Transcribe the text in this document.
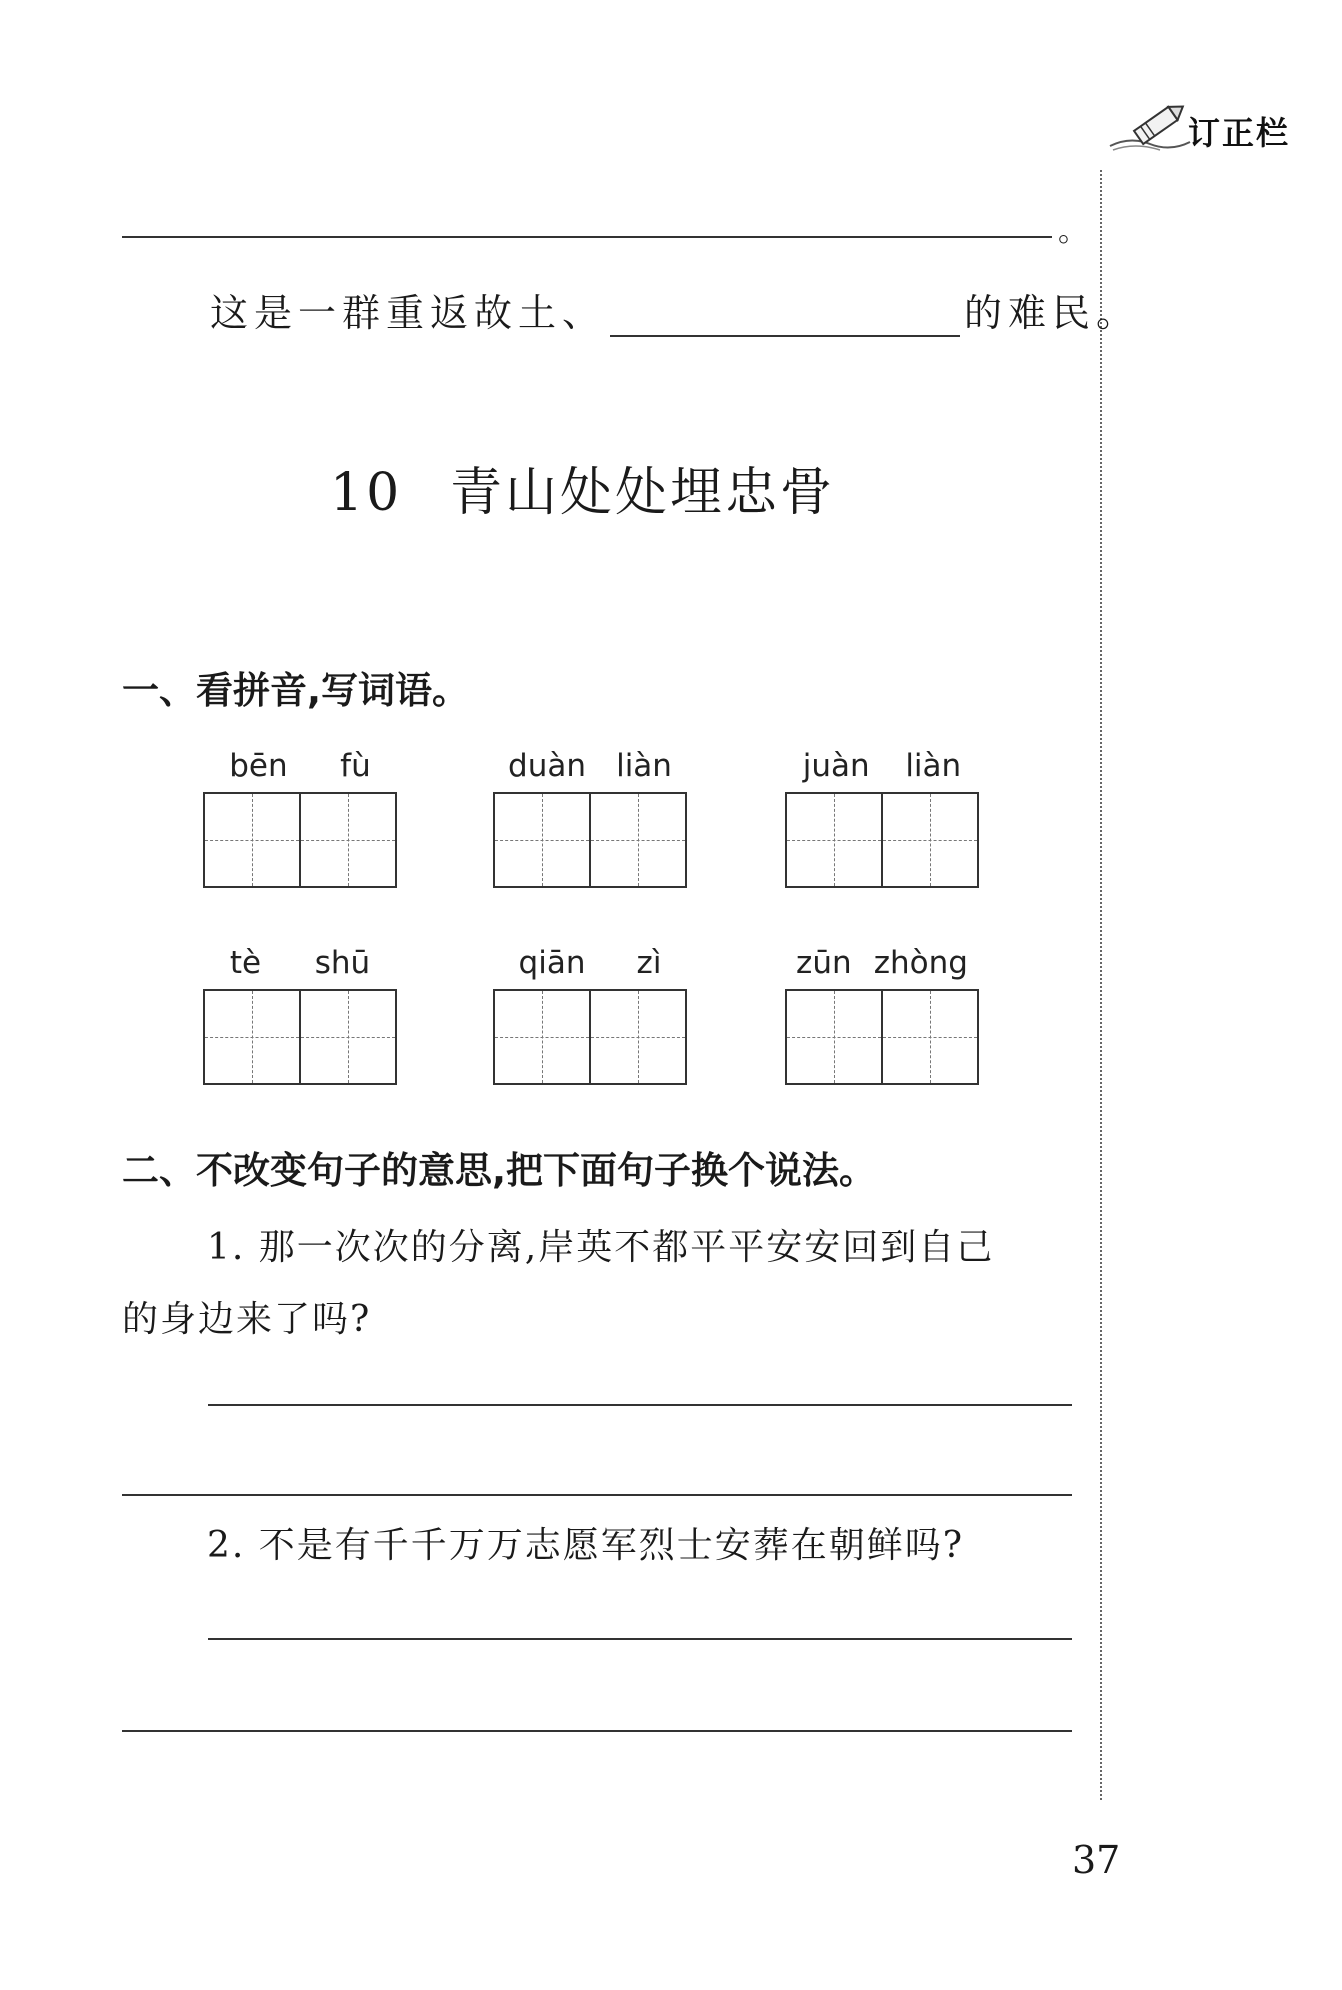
订正栏
。
这是一群重返故土、	的难民。
10 青山处处埋忠骨
一、看拼音,写词语。
bēn fù	duàn liàn	juàn liàn
tè shū	qiān zì	zūn zhòng
二、不改变句子的意思,把下面句子换个说法。
1. 那一次次的分离,岸英不都平平安安回到自己
的身边来了吗?
2. 不是有千千万万志愿军烈士安葬在朝鲜吗?
37
